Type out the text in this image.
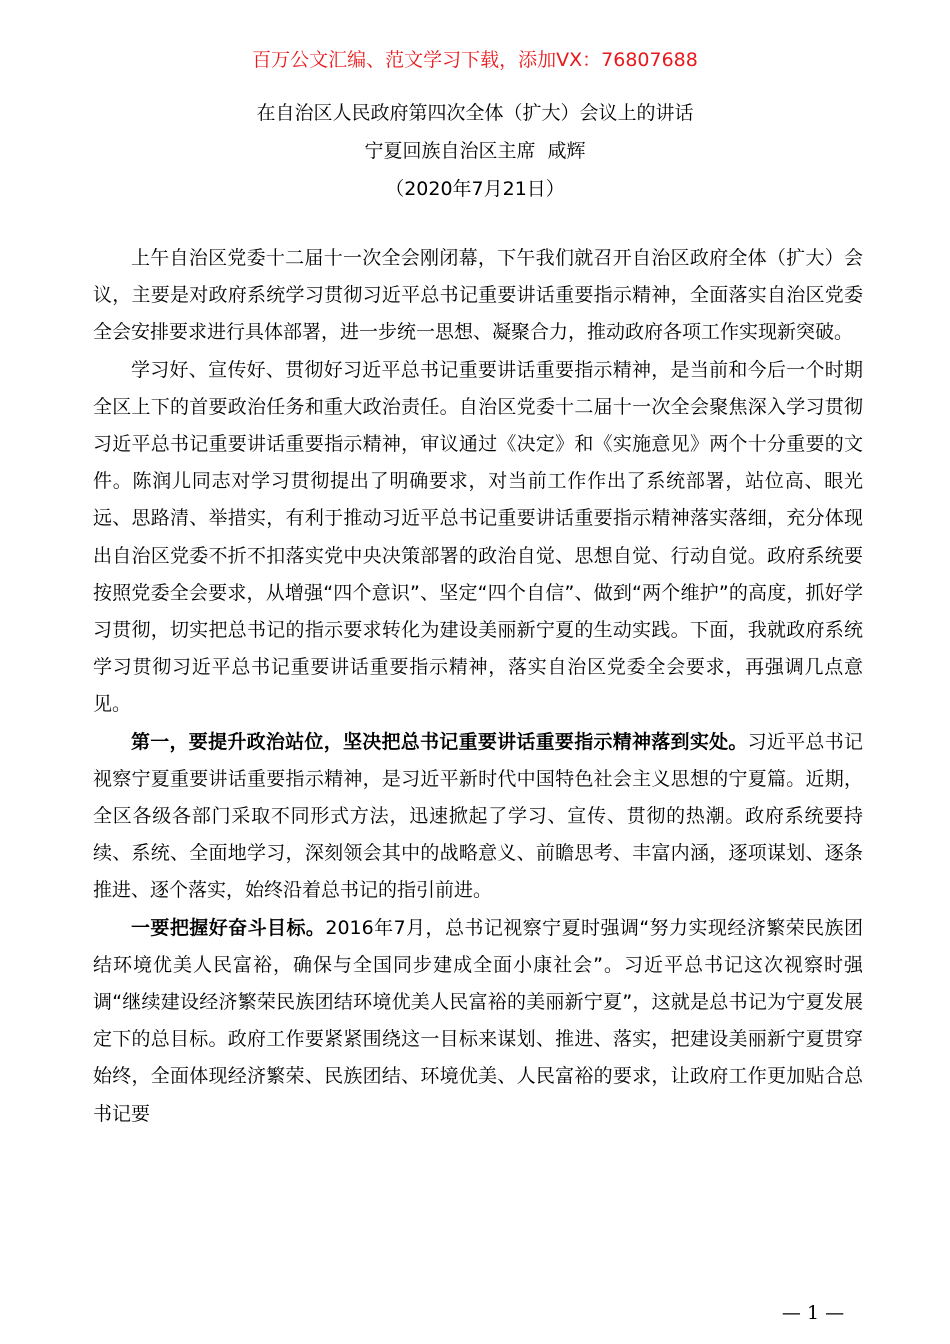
百万公文汇编、范文学习下载，添加VX：76807688
在自治区人民政府第四次全体（扩大）会议上的讲话
宁夏回族自治区主席  咸辉
（2020年7月21日）

上午自治区党委十二届十一次全会刚闭幕，下午我们就召开自治区政府全体（扩大）会议，主要是对政府系统学习贯彻习近平总书记重要讲话重要指示精神，全面落实自治区党委全会安排要求进行具体部署，进一步统一思想、凝聚合力，推动政府各项工作实现新突破。

学习好、宣传好、贯彻好习近平总书记重要讲话重要指示精神，是当前和今后一个时期全区上下的首要政治任务和重大政治责任。自治区党委十二届十一次全会聚焦深入学习贯彻习近平总书记重要讲话重要指示精神，审议通过《决定》和《实施意见》两个十分重要的文件。陈润儿同志对学习贯彻提出了明确要求，对当前工作作出了系统部署，站位高、眼光远、思路清、举措实，有利于推动习近平总书记重要讲话重要指示精神落实落细，充分体现出自治区党委不折不扣落实党中央决策部署的政治自觉、思想自觉、行动自觉。政府系统要按照党委全会要求，从增强“四个意识”、坚定“四个自信”、做到“两个维护”的高度，抓好学习贯彻，切实把总书记的指示要求转化为建设美丽新宁夏的生动实践。下面，我就政府系统学习贯彻习近平总书记重要讲话重要指示精神，落实自治区党委全会要求，再强调几点意见。

第一，要提升政治站位，坚决把总书记重要讲话重要指示精神落到实处。习近平总书记视察宁夏重要讲话重要指示精神，是习近平新时代中国特色社会主义思想的宁夏篇。近期，全区各级各部门采取不同形式方法，迅速掀起了学习、宣传、贯彻的热潮。政府系统要持续、系统、全面地学习，深刻领会其中的战略意义、前瞻思考、丰富内涵，逐项谋划、逐条推进、逐个落实，始终沿着总书记的指引前进。

一要把握好奋斗目标。2016年7月，总书记视察宁夏时强调“努力实现经济繁荣民族团结环境优美人民富裕，确保与全国同步建成全面小康社会”。习近平总书记这次视察时强调“继续建设经济繁荣民族团结环境优美人民富裕的美丽新宁夏”，这就是总书记为宁夏发展定下的总目标。政府工作要紧紧围绕这一目标来谋划、推进、落实，把建设美丽新宁夏贯穿始终，全面体现经济繁荣、民族团结、环境优美、人民富裕的要求，让政府工作更加贴合总书记要

— 1 —
